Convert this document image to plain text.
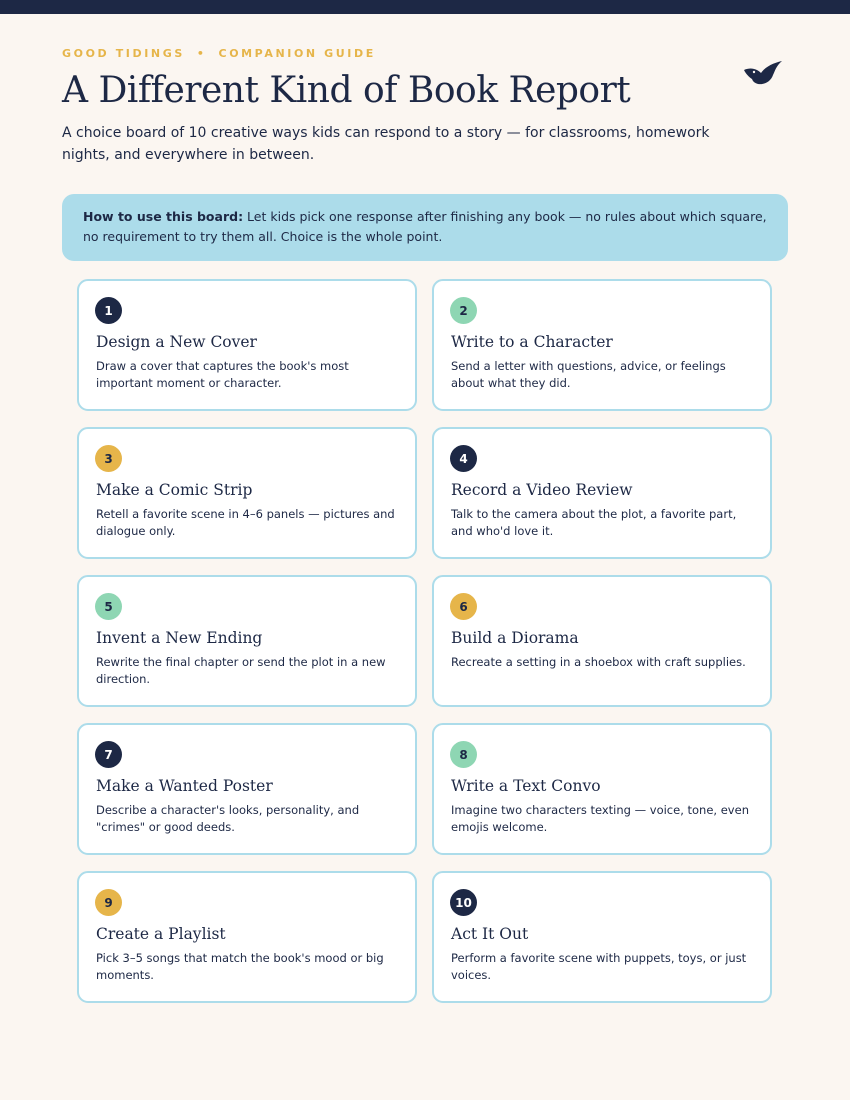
GOOD TIDINGS • COMPANION GUIDE
A Different Kind of Book Report
A choice board of 10 creative ways kids can respond to a story — for classrooms, homework nights, and everywhere in between.
How to use this board: Let kids pick one response after finishing any book — no rules about which square, no requirement to try them all. Choice is the whole point.
1
Design a New Cover
Draw a cover that captures the book's most important moment or character.
2
Write to a Character
Send a letter with questions, advice, or feelings about what they did.
3
Make a Comic Strip
Retell a favorite scene in 4–6 panels — pictures and dialogue only.
4
Record a Video Review
Talk to the camera about the plot, a favorite part, and who'd love it.
5
Invent a New Ending
Rewrite the final chapter or send the plot in a new direction.
6
Build a Diorama
Recreate a setting in a shoebox with craft supplies.
7
Make a Wanted Poster
Describe a character's looks, personality, and "crimes" or good deeds.
8
Write a Text Convo
Imagine two characters texting — voice, tone, even emojis welcome.
9
Create a Playlist
Pick 3–5 songs that match the book's mood or big moments.
10
Act It Out
Perform a favorite scene with puppets, toys, or just voices.
